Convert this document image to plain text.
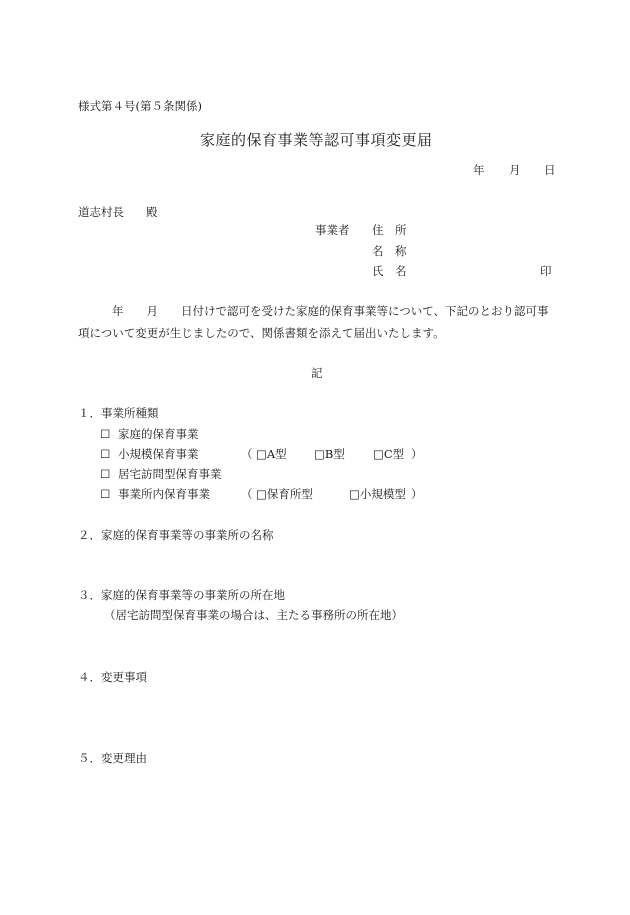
様式第４号(第５条関係)
家庭的保育事業等認可事項変更届
年 月 日
道志村長 殿
事業者 住　所
名　称
氏　名	印
年　　月　　日付けで認可を受けた家庭的保育事業等について、下記のとおり認可事項について変更が生じましたので、関係書類を添えて届出いたします。
記
１．事業所種類
☐ 家庭的保育事業
☐ 小規模保育事業	（ □A型 □B型 □C型 ）
☐ 居宅訪問型保育事業
☐ 事業所内保育事業	（ □保育所型	□小規模型 ）
２．家庭的保育事業等の事業所の名称
３．家庭的保育事業等の事業所の所在地
（居宅訪問型保育事業の場合は、主たる事務所の所在地）
４．変更事項
５．変更理由
